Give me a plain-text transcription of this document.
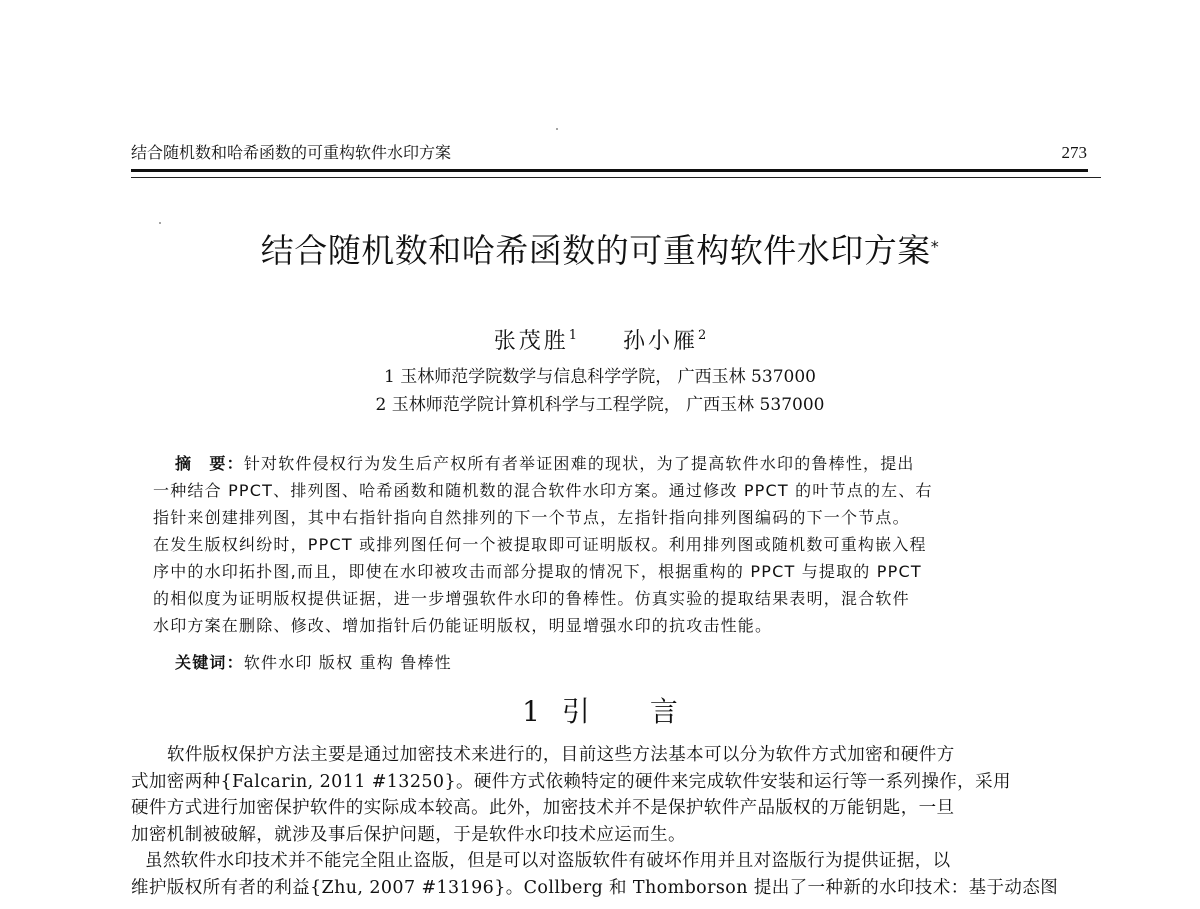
结合随机数和哈希函数的可重构软件水印方案	273
结合随机数和哈希函数的可重构软件水印方案*
张茂胜$^1$ 孙小雁$^2$
1 玉林师范学院数学与信息科学学院， 广西玉林 537000
2 玉林师范学院计算机科学与工程学院， 广西玉林 537000
摘　要：针对软件侵权行为发生后产权所有者举证困难的现状，为了提高软件水印的鲁棒性，提出
一种结合 PPCT、排列图、哈希函数和随机数的混合软件水印方案。通过修改 PPCT 的叶节点的左、右
指针来创建排列图，其中右指针指向自然排列的下一个节点，左指针指向排列图编码的下一个节点。
在发生版权纠纷时，PPCT 或排列图任何一个被提取即可证明版权。利用排列图或随机数可重构嵌入程
序中的水印拓扑图,而且，即使在水印被攻击而部分提取的情况下，根据重构的 PPCT 与提取的 PPCT
的相似度为证明版权提供证据，进一步增强软件水印的鲁棒性。仿真实验的提取结果表明，混合软件
水印方案在删除、修改、增加指针后仍能证明版权，明显增强水印的抗攻击性能。
关键词：软件水印 版权 重构 鲁棒性
1 引 言
软件版权保护方法主要是通过加密技术来进行的，目前这些方法基本可以分为软件方式加密和硬件方
式加密两种{Falcarin, 2011 #13250}。硬件方式依赖特定的硬件来完成软件安装和运行等一系列操作，采用
硬件方式进行加密保护软件的实际成本较高。此外，加密技术并不是保护软件产品版权的万能钥匙，一旦
加密机制被破解，就涉及事后保护问题，于是软件水印技术应运而生。
虽然软件水印技术并不能完全阻止盗版，但是可以对盗版软件有破坏作用并且对盗版行为提供证据，以
维护版权所有者的利益{Zhu, 2007 #13196}。Collberg 和 Thomborson 提出了一种新的水印技术：基于动态图
